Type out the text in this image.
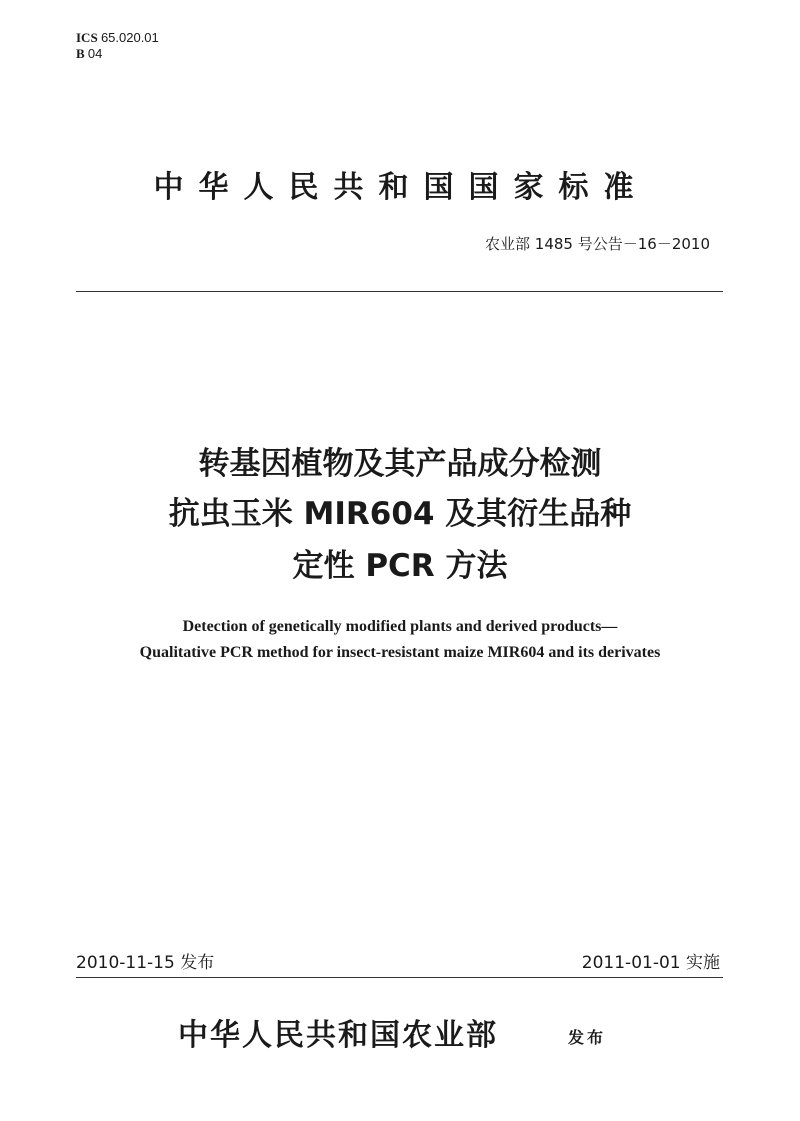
ICS 65.020.01
B 04
中华人民共和国国家标准
农业部 1485 号公告－16－2010
转基因植物及其产品成分检测
抗虫玉米 MIR604 及其衍生品种
定性 PCR 方法
Detection of genetically modified plants and derived products—
Qualitative PCR method for insect-resistant maize MIR604 and its derivates
2010-11-15 发布	2011-01-01 实施
中华人民共和国农业部	发布
